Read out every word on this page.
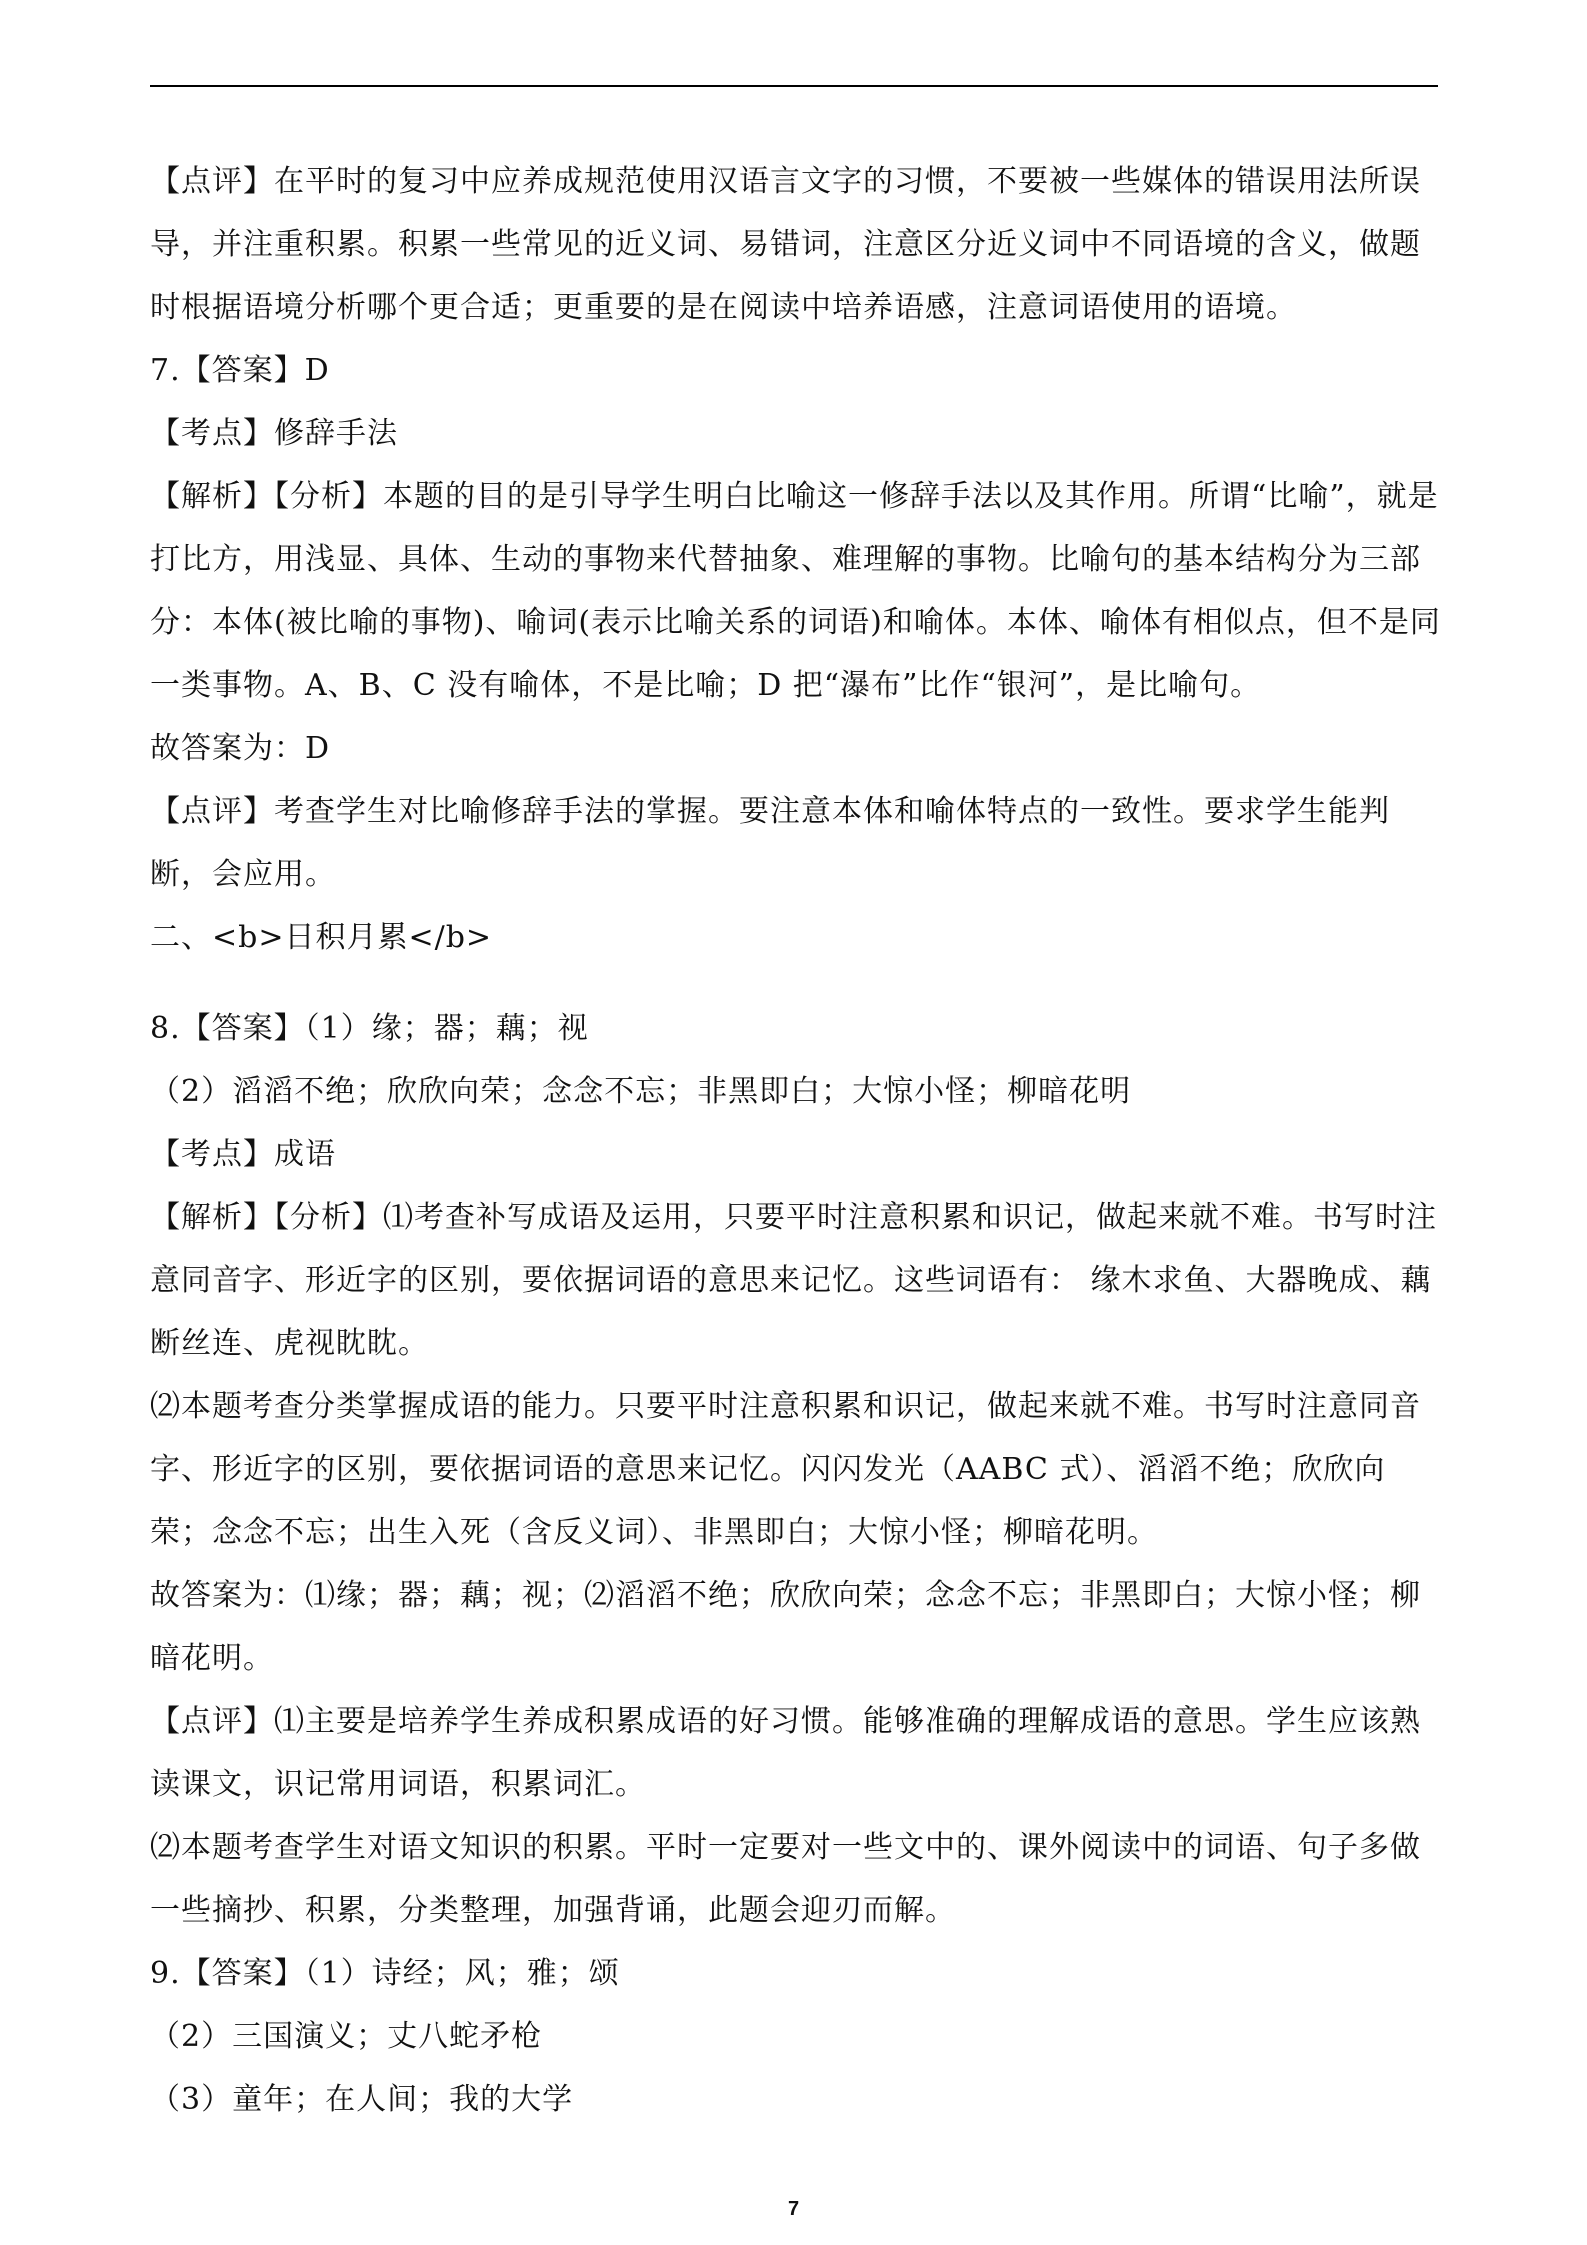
【点评】在平时的复习中应养成规范使用汉语言文字的习惯，不要被一些媒体的错误用法所误导，并注重积累。积累一些常见的近义词、易错词，注意区分近义词中不同语境的含义，做题时根据语境分析哪个更合适；更重要的是在阅读中培养语感，注意词语使用的语境。

7.【答案】D

【考点】修辞手法

【解析】【分析】本题的目的是引导学生明白比喻这一修辞手法以及其作用。所谓“比喻”，就是打比方，用浅显、具体、生动的事物来代替抽象、难理解的事物。比喻句的基本结构分为三部分：本体(被比喻的事物)、喻词(表示比喻关系的词语)和喻体。本体、喻体有相似点，但不是同一类事物。A、B、C 没有喻体，不是比喻；D 把“瀑布”比作“银河”，是比喻句。

故答案为：D

【点评】考查学生对比喻修辞手法的掌握。要注意本体和喻体特点的一致性。要求学生能判断，会应用。

二、<b>日积月累</b>

8.【答案】（1）缘；器；藕；视

（2）滔滔不绝；欣欣向荣；念念不忘；非黑即白；大惊小怪；柳暗花明

【考点】成语

【解析】【分析】⑴考查补写成语及运用，只要平时注意积累和识记，做起来就不难。书写时注意同音字、形近字的区别，要依据词语的意思来记忆。这些词语有： 缘木求鱼、大器晚成、藕断丝连、虎视眈眈。

⑵本题考查分类掌握成语的能力。只要平时注意积累和识记，做起来就不难。书写时注意同音字、形近字的区别，要依据词语的意思来记忆。闪闪发光（AABC 式）、滔滔不绝；欣欣向荣；念念不忘；出生入死（含反义词）、非黑即白；大惊小怪；柳暗花明。

故答案为：⑴缘；器；藕；视；⑵滔滔不绝；欣欣向荣；念念不忘；非黑即白；大惊小怪；柳暗花明。

【点评】⑴主要是培养学生养成积累成语的好习惯。能够准确的理解成语的意思。学生应该熟读课文，识记常用词语，积累词汇。

⑵本题考查学生对语文知识的积累。平时一定要对一些文中的、课外阅读中的词语、句子多做一些摘抄、积累，分类整理，加强背诵，此题会迎刃而解。

9.【答案】（1）诗经；风；雅；颂

（2）三国演义；丈八蛇矛枪

（3）童年；在人间；我的大学

7
